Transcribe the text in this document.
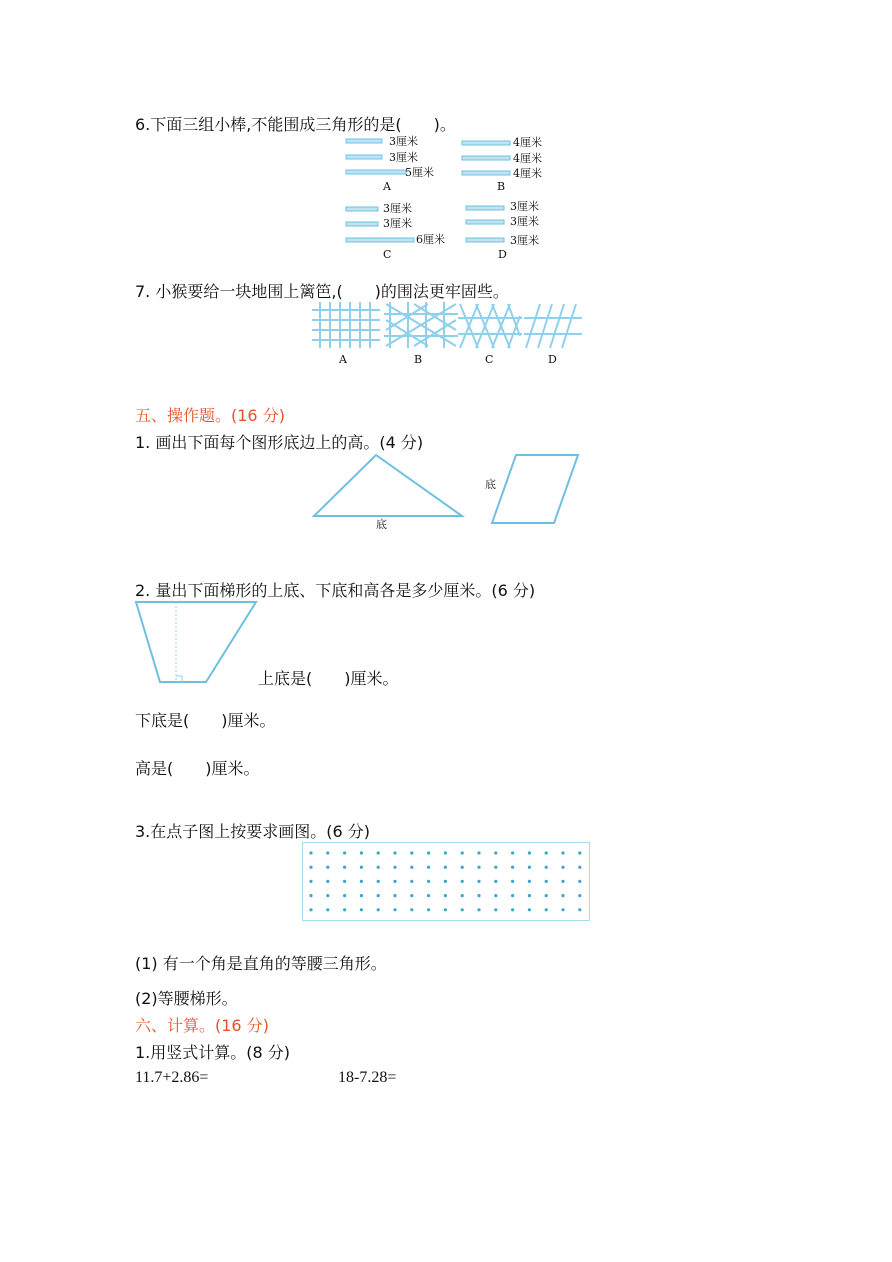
6.下面三组小棒,不能围成三角形的是(　　)。
3厘米
3厘米
5厘米
A
4厘米
4厘米
4厘米
B
3厘米
3厘米
6厘米
C
3厘米
3厘米
3厘米
D
7. 小猴要给一块地围上篱笆,(　　)的围法更牢固些。
A	B	C	D
五、操作题。(16 分)
1. 画出下面每个图形底边上的高。(4 分)
底
底
2. 量出下面梯形的上底、下底和高各是多少厘米。(6 分)
上底是(　　)厘米。
下底是(　　)厘米。
高是(　　)厘米。
3.在点子图上按要求画图。(6 分)
(1) 有一个角是直角的等腰三角形。
(2)等腰梯形。
六、计算。(16 分)
1.用竖式计算。(8 分)
11.7+2.86=	18-7.28=
